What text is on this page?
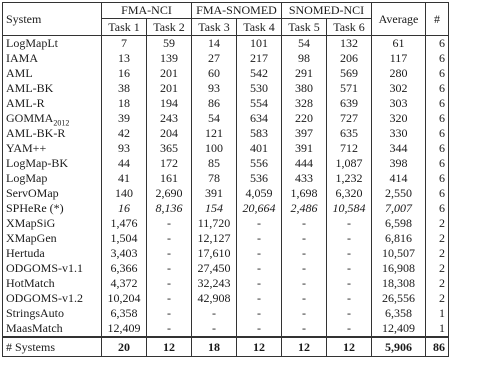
System	FMA-NCI		FMA-SNOMED		SNOMED-NCI		Average	#
	Task 1	Task 2	Task 3	Task 4	Task 5	Task 6		
LogMapLt	7	59	14	101	54	132	61	6
IAMA	13	139	27	217	98	206	117	6
AML	16	201	60	542	291	569	280	6
AML-BK	38	201	93	530	380	571	302	6
AML-R	18	194	86	554	328	639	303	6
$GOMMA_{2012}$	39	243	54	634	220	727	320	6
AML-BK-R	42	204	121	583	397	635	330	6
YAM++	93	365	100	401	391	712	344	6
LogMap-BK	44	172	85	556	444	1,087	398	6
LogMap	41	161	78	536	433	1,232	414	6
ServOMap	140	2,690	391	4,059	1,698	6,320	2,550	6
SPHeRe (*)	16	8,136	154	20,664	2,486	10,584	7,007	6
XMapSiG	1,476	-	11,720	-	-	-	6,598	2
XMapGen	1,504	-	12,127	-	-	-	6,816	2
Hertuda	3,403	-	17,610	-	-	-	10,507	2
ODGOMS-v1.1	6,366	-	27,450	-	-	-	16,908	2
HotMatch	4,372	-	32,243	-	-	-	18,308	2
ODGOMS-v1.2	10,204	-	42,908	-	-	-	26,556	2
StringsAuto	6,358	-	-	-	-	-	6,358	1
MaasMatch	12,409	-	-	-	-	-	12,409	1
# Systems	20	12	18	12	12	12	5,906	86
